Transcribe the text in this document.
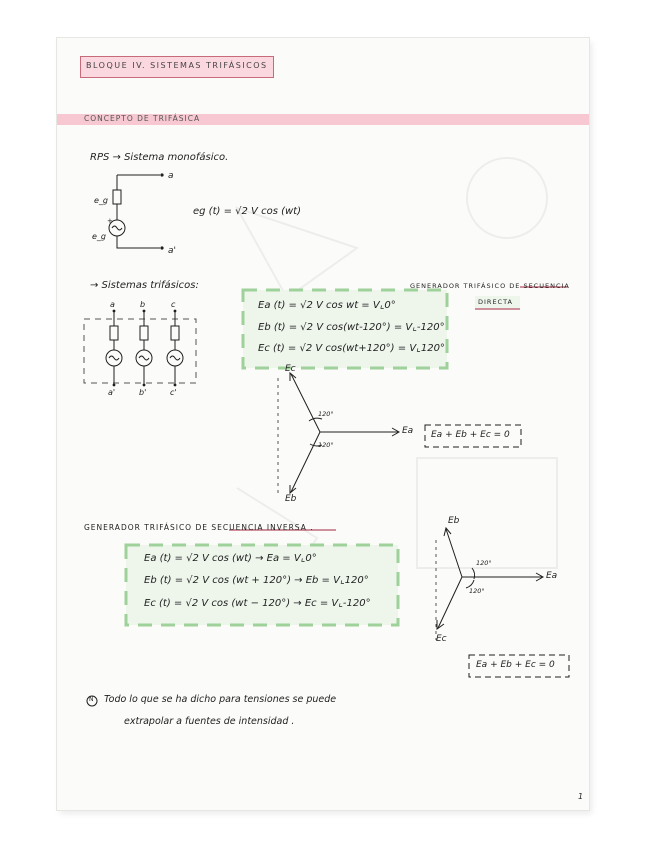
BLOQUE IV. SISTEMAS TRIFÁSICOS
CONCEPTO DE TRIFÁSICA
RPS → Sistema monofásico.
a
a'
e_g
e_g
+
eg (t) = √2 V cos (wt)
→ Sistemas trifásicos:
a	b	c
a'	b'	c'
GENERADOR TRIFÁSICO DE SECUENCIA
DIRECTA
Ea (t) = √2 V cos wt = V⌞0°
Eb (t) = √2 V cos(wt-120°) = V⌞-120°
Ec (t) = √2 V cos(wt+120°) = V⌞120°
Ec
Ea
Eb
120°
120°
Ea + Eb + Ec = 0
GENERADOR TRIFÁSICO DE SECUENCIA INVERSA .
Ea (t) = √2 V cos (wt) → Ea = V⌞0°
Eb (t) = √2 V cos (wt + 120°) → Eb = V⌞120°
Ec (t) = √2 V cos (wt − 120°) → Ec = V⌞-120°
Eb
Ea
Ec
120°
120°
Ea + Eb + Ec = 0
N Todo lo que se ha dicho para tensiones se puede
extrapolar a fuentes de intensidad .
1
